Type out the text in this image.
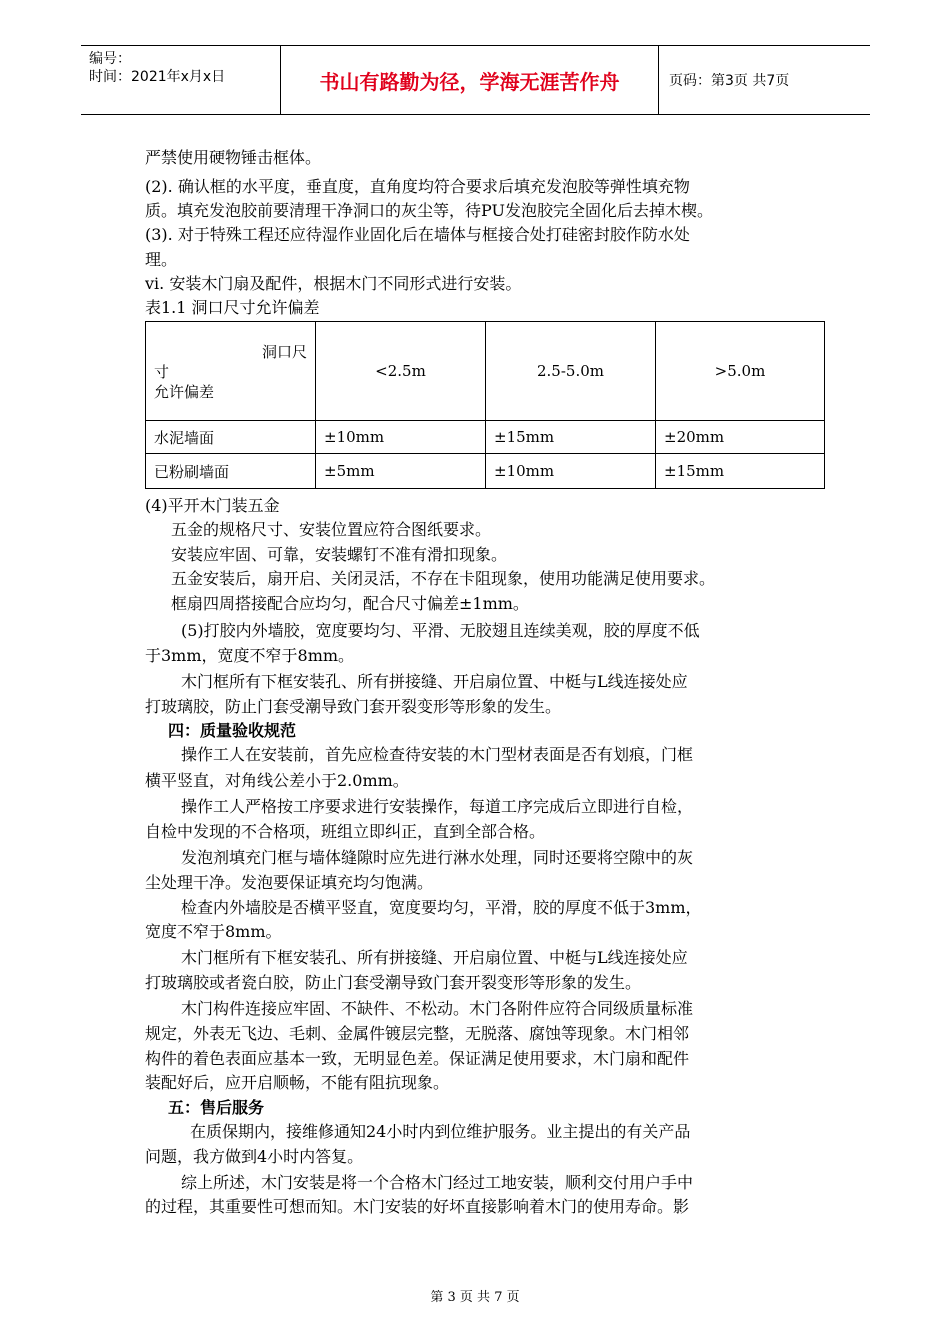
编号：
时间：2021年x月x日	书山有路勤为径，学海无涯苦作舟	页码：第3页 共7页
严禁使用硬物锤击框体。
(2). 确认框的水平度，垂直度，直角度均符合要求后填充发泡胶等弹性填充物
质。填充发泡胶前要清理干净洞口的灰尘等，待PU发泡胶完全固化后去掉木楔。
(3). 对于特殊工程还应待湿作业固化后在墙体与框接合处打硅密封胶作防水处
理。
vi. 安装木门扇及配件，根据木门不同形式进行安装。
表1.1 洞口尺寸允许偏差
洞口尺
寸
允许偏差	<2.5m	2.5-5.0m	>5.0m
水泥墙面	±10mm	±15mm	±20mm
已粉刷墙面	±5mm	±10mm	±15mm
(4)平开木门装五金
五金的规格尺寸、安装位置应符合图纸要求。
安装应牢固、可靠，安装螺钉不准有滑扣现象。
五金安装后，扇开启、关闭灵活，不存在卡阻现象，使用功能满足使用要求。
框扇四周搭接配合应均匀，配合尺寸偏差±1mm。
(5)打胶内外墙胶，宽度要均匀、平滑、无胶翅且连续美观，胶的厚度不低
于3mm，宽度不窄于8mm。
木门框所有下框安装孔、所有拼接缝、开启扇位置、中梃与L线连接处应
打玻璃胶，防止门套受潮导致门套开裂变形等形象的发生。
四：质量验收规范
操作工人在安装前，首先应检查待安装的木门型材表面是否有划痕，门框
横平竖直，对角线公差小于2.0mm。
操作工人严格按工序要求进行安装操作，每道工序完成后立即进行自检，
自检中发现的不合格项，班组立即纠正，直到全部合格。
发泡剂填充门框与墙体缝隙时应先进行淋水处理，同时还要将空隙中的灰
尘处理干净。发泡要保证填充均匀饱满。
检查内外墙胶是否横平竖直，宽度要均匀，平滑，胶的厚度不低于3mm，
宽度不窄于8mm。
木门框所有下框安装孔、所有拼接缝、开启扇位置、中梃与L线连接处应
打玻璃胶或者瓷白胶，防止门套受潮导致门套开裂变形等形象的发生。
木门构件连接应牢固、不缺件、不松动。木门各附件应符合同级质量标准
规定，外表无飞边、毛刺、金属件镀层完整，无脱落、腐蚀等现象。木门相邻
构件的着色表面应基本一致，无明显色差。保证满足使用要求，木门扇和配件
装配好后，应开启顺畅，不能有阻抗现象。
五：售后服务
在质保期内，接维修通知24小时内到位维护服务。业主提出的有关产品
问题，我方做到4小时内答复。
综上所述，木门安装是将一个合格木门经过工地安装，顺利交付用户手中
的过程，其重要性可想而知。木门安装的好坏直接影响着木门的使用寿命。影
第 3 页 共 7 页
